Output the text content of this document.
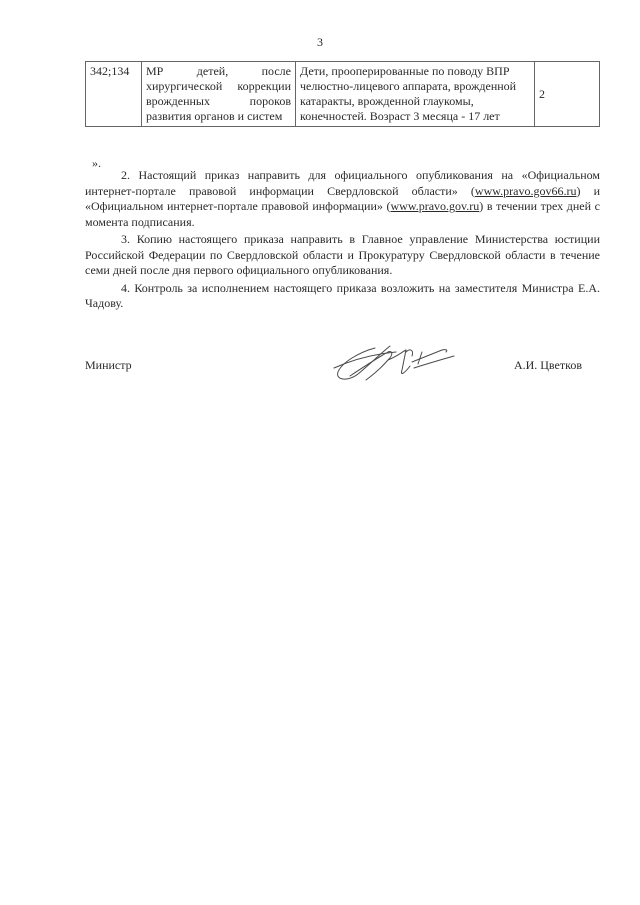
3
342;134	МР детей, после хирургической коррекции врожденных пороков развития органов и систем	Дети, прооперированные по поводу ВПР челюстно-лицевого аппарата, врожденной катаракты, врожденной глаукомы, конечностей. Возраст 3 месяца - 17 лет	2
».

2. Настоящий приказ направить для официального опубликования на «Официальном интернет-портале правовой информации Свердловской области» (www.pravo.gov66.ru) и «Официальном интернет-портале правовой информации» (www.pravo.gov.ru) в течении трех дней с момента подписания.

3. Копию настоящего приказа направить в Главное управление Министерства юстиции Российской Федерации по Свердловской области и Прокуратуру Свердловской области в течение семи дней после дня первого официального опубликования.

4. Контроль за исполнением настоящего приказа возложить на заместителя Министра Е.А. Чадову.

Министр	А.И. Цветков
